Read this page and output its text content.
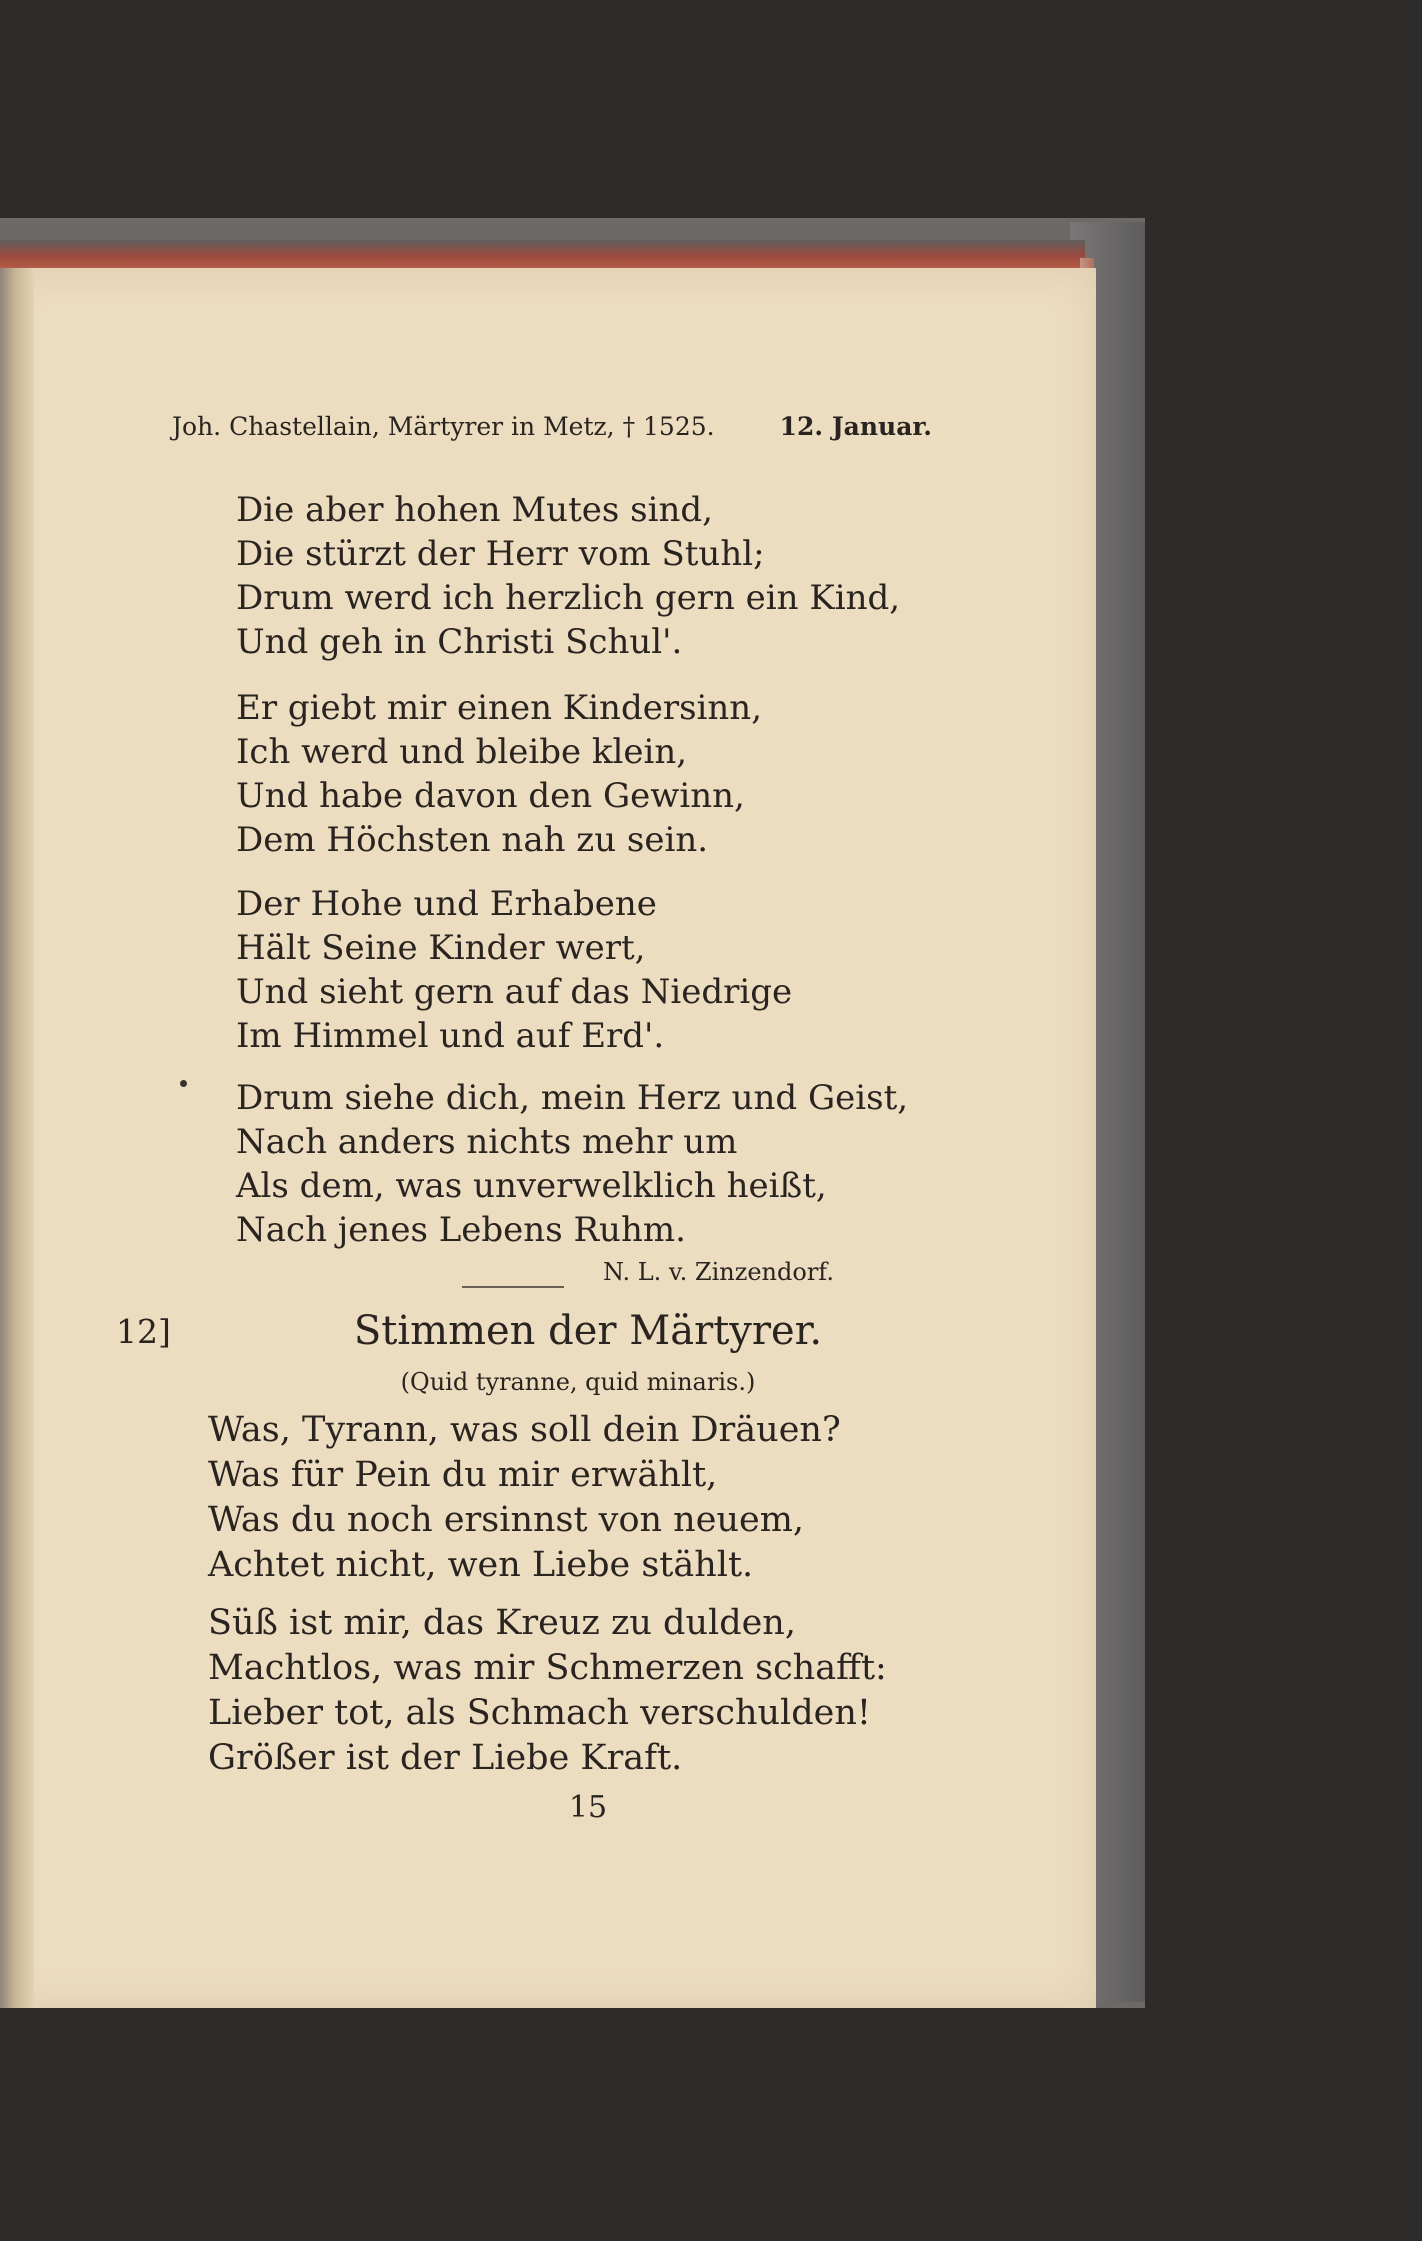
Joh. Chastellain, Märtyrer in Metz, † 1525.	12. Januar.
Die aber hohen Mutes sind,
Die stürzt der Herr vom Stuhl;
Drum werd ich herzlich gern ein Kind,
Und geh in Christi Schul'.
Er giebt mir einen Kindersinn,
Ich werd und bleibe klein,
Und habe davon den Gewinn,
Dem Höchsten nah zu sein.
Der Hohe und Erhabene
Hält Seine Kinder wert,
Und sieht gern auf das Niedrige
Im Himmel und auf Erd'.
Drum siehe dich, mein Herz und Geist,
Nach anders nichts mehr um
Als dem, was unverwelklich heißt,
Nach jenes Lebens Ruhm.
N. L. v. Zinzendorf.
12]	Stimmen der Märtyrer.
(Quid tyranne, quid minaris.)
Was, Tyrann, was soll dein Dräuen?
Was für Pein du mir erwählt,
Was du noch ersinnst von neuem,
Achtet nicht, wen Liebe stählt.
Süß ist mir, das Kreuz zu dulden,
Machtlos, was mir Schmerzen schafft:
Lieber tot, als Schmach verschulden!
Größer ist der Liebe Kraft.
15
